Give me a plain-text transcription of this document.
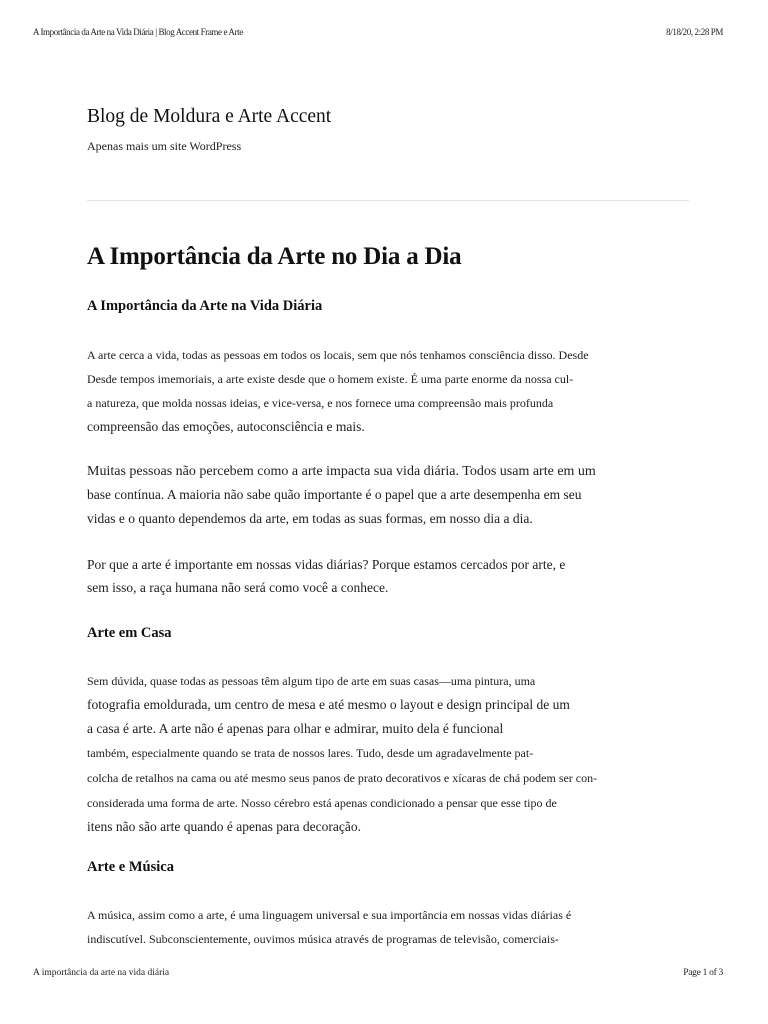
A Importância da Arte na Vida Diária | Blog Accent Frame e Arte	8/18/20, 2:28 PM
Blog de Moldura e Arte Accent

Apenas mais um site WordPress

A Importância da Arte no Dia a Dia
A Importância da Arte na Vida Diária

A arte cerca a vida, todas as pessoas em todos os locais, sem que nós tenhamos consciência disso. Desde
Desde tempos imemoriais, a arte existe desde que o homem existe. É uma parte enorme da nossa cul-
a natureza, que molda nossas ideias, e vice-versa, e nos fornece uma compreensão mais profunda
compreensão das emoções, autoconsciência e mais.

Muitas pessoas não percebem como a arte impacta sua vida diária. Todos usam arte em um
base contínua. A maioria não sabe quão importante é o papel que a arte desempenha em seu
vidas e o quanto dependemos da arte, em todas as suas formas, em nosso dia a dia.

Por que a arte é importante em nossas vidas diárias? Porque estamos cercados por arte, e
sem isso, a raça humana não será como você a conhece.

Arte em Casa

Sem dúvida, quase todas as pessoas têm algum tipo de arte em suas casas—uma pintura, uma
fotografia emoldurada, um centro de mesa e até mesmo o layout e design principal de um
a casa é arte. A arte não é apenas para olhar e admirar, muito dela é funcional
também, especialmente quando se trata de nossos lares. Tudo, desde um agradavelmente pat-
colcha de retalhos na cama ou até mesmo seus panos de prato decorativos e xícaras de chá podem ser con-
considerada uma forma de arte. Nosso cérebro está apenas condicionado a pensar que esse tipo de
itens não são arte quando é apenas para decoração.

Arte e Música

A música, assim como a arte, é uma linguagem universal e sua importância em nossas vidas diárias é
indiscutível. Subconscientemente, ouvimos música através de programas de televisão, comerciais-

A importância da arte na vida diária	Page 1 of 3
